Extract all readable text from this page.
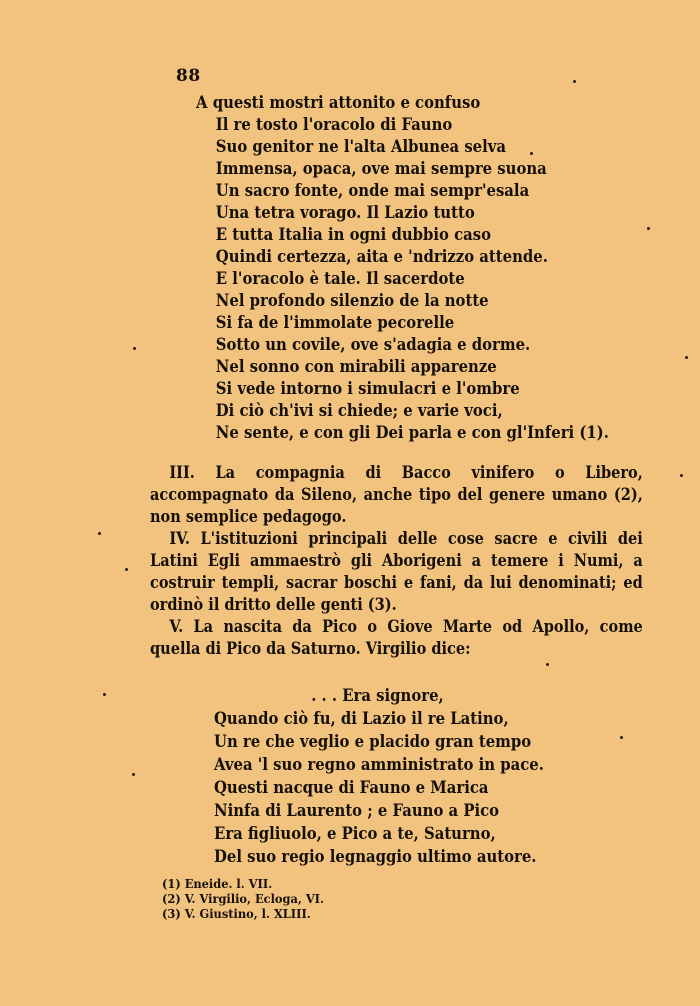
88
A questi mostri attonito e confuso
Il re tosto l'oracolo di Fauno
Suo genitor ne l'alta Albunea selva
Immensa, opaca, ove mai sempre suona
Un sacro fonte, onde mai sempr'esala
Una tetra vorago. Il Lazio tutto
E tutta Italia in ogni dubbio caso
Quindi certezza, aita e 'ndrizzo attende.
E l'oracolo è tale. Il sacerdote
Nel profondo silenzio de la notte
Si fa de l'immolate pecorelle
Sotto un covile, ove s'adagia e dorme.
Nel sonno con mirabili apparenze
Si vede intorno i simulacri e l'ombre
Di ciò ch'ivi si chiede; e varie voci,
Ne sente, e con gli Dei parla e con gl'Inferi (1).

III. La compagnia di Bacco vinifero o Libero, accompagnato da Sileno, anche tipo del genere umano (2), non semplice pedagogo.

IV. L'istituzioni principali delle cose sacre e civili dei Latini Egli ammaestrò gli Aborigeni a temere i Numi, a costruir templi, sacrar boschi e fani, da lui denominati; ed ordinò il dritto delle genti (3).

V. La nascita da Pico o Giove Marte od Apollo, come quella di Pico da Saturno. Virgilio dice:

. . . Era signore,
Quando ciò fu, di Lazio il re Latino,
Un re che veglio e placido gran tempo
Avea 'l suo regno amministrato in pace.
Questi nacque di Fauno e Marica
Ninfa di Laurento ; e Fauno a Pico
Era figliuolo, e Pico a te, Saturno,
Del suo regio legnaggio ultimo autore.
(1) Eneide. l. VII.
(2) V. Virgilio, Ecloga, VI.
(3) V. Giustino, l. XLIII.
